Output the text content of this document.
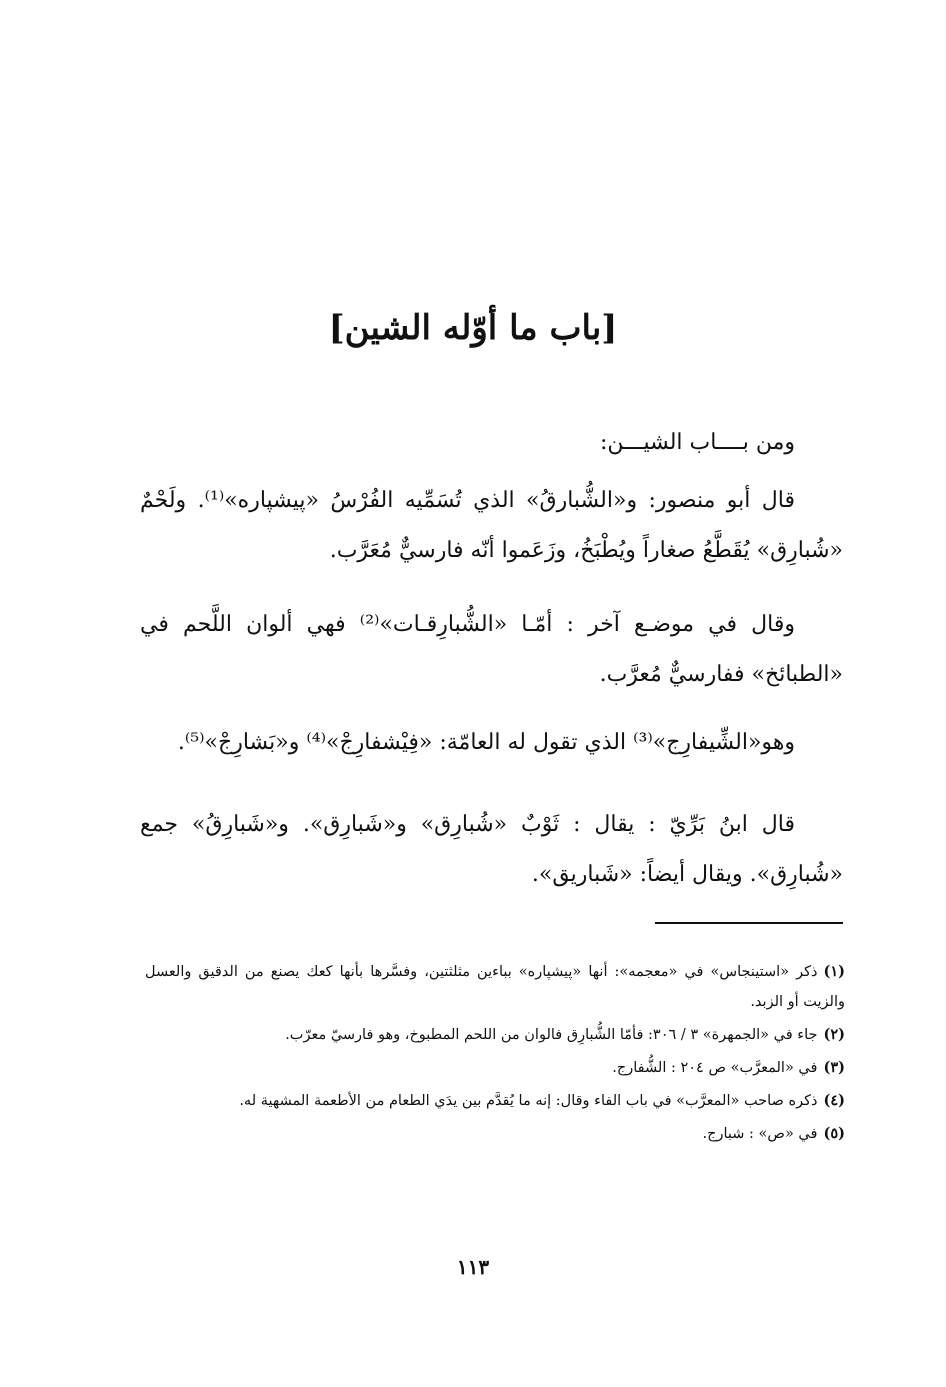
[باب ما أوّله الشين]

ومن بــــاب الشيـــن:

قال أبو منصور: و«الشُّبارقُ» الذي تُسَمِّيه الفُرْسُ «پيشپاره»⁽¹⁾. ولَحْمٌ «شُبارِق» يُقَطَّعُ صغاراً ويُطْبَخُ، وزَعَموا أنّه فارسيٌّ مُعَرَّب.

وقال في موضـع آخر : أمّـا «الشُّبارِقـات»⁽²⁾ فهي ألوان اللَّحم في «الطبائخ» ففارسيٌّ مُعرَّب.

وهو«الشِّيفارِج»⁽³⁾ الذي تقول له العامّة: «فِيْشفارِجْ»⁽⁴⁾ و«بَشارِجْ»⁽⁵⁾.

قال ابنُ بَرِّيّ : يقال : ثَوْبٌ «شُبارِق» و«شَبارِق». و«شَبارِقُ» جمع «شُبارِق». ويقال أيضاً: «شَباريق».

(١)ذكر «استينجاس» في «معجمه»: أنها «پيشپاره» بباءين مثلثتين، وفسَّرها بأنها كعك يصنع من الدقيق والعسل والزيت أو الزبد.
(٢)جاء في «الجمهرة» ٣ / ٣٠٦: فأمّا الشُّبارِق فالوان من اللحم المطبوخ، وهو فارسيّ معرّب.
(٣)في «المعرَّب» ص ٢٠٤ : الشُّفارج.
(٤)ذكره صاحب «المعرَّب» في باب الفاء وقال: إنه ما يُقدَّم بين يدَي الطعام من الأطعمة المشهية له.
(٥)في «ص» : شبارج.
١١٣
